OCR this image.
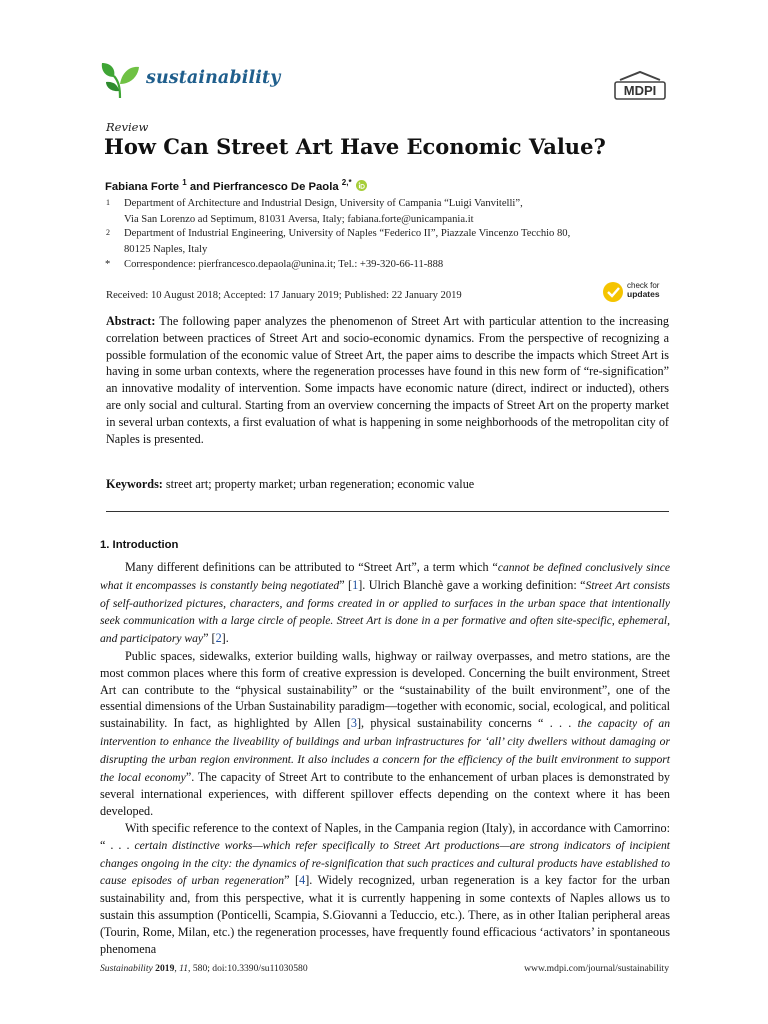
sustainability
MDPI
Review
How Can Street Art Have Economic Value?
Fabiana Forte $^1$ and Pierfrancesco De Paola $^{2,*}$
1 Department of Architecture and Industrial Design, University of Campania “Luigi Vanvitelli”,
Via San Lorenzo ad Septimum, 81031 Aversa, Italy; fabiana.forte@unicampania.it
2 Department of Industrial Engineering, University of Naples “Federico II”, Piazzale Vincenzo Tecchio 80,
80125 Naples, Italy
* Correspondence: pierfrancesco.depaola@unina.it; Tel.: +39-320-66-11-888
Received: 10 August 2018; Accepted: 17 January 2019; Published: 22 January 2019
check for
updates
Abstract: The following paper analyzes the phenomenon of Street Art with particular attention to the increasing correlation between practices of Street Art and socio-economic dynamics. From the perspective of recognizing a possible formulation of the economic value of Street Art, the paper aims to describe the impacts which Street Art is having in some urban contexts, where the regeneration processes have found in this new form of “re-signification” an innovative modality of intervention. Some impacts have economic nature (direct, indirect or inducted), others are only social and cultural. Starting from an overview concerning the impacts of Street Art on the property market in several urban contexts, a first evaluation of what is happening in some neighborhoods of the metropolitan city of Naples is presented.
Keywords: street art; property market; urban regeneration; economic value
1. Introduction

Many different definitions can be attributed to “Street Art”, a term which “cannot be defined conclusively since what it encompasses is constantly being negotiated” [1]. Ulrich Blanchè gave a working definition: “Street Art consists of self-authorized pictures, characters, and forms created in or applied to surfaces in the urban space that intentionally seek communication with a large circle of people. Street Art is done in a per formative and often site-specific, ephemeral, and participatory way” [2].

Public spaces, sidewalks, exterior building walls, highway or railway overpasses, and metro stations, are the most common places where this form of creative expression is developed. Concerning the built environment, Street Art can contribute to the “physical sustainability” or the “sustainability of the built environment”, one of the essential dimensions of the Urban Sustainability paradigm—together with economic, social, ecological, and political sustainability. In fact, as highlighted by Allen [3], physical sustainability concerns “ . . . the capacity of an intervention to enhance the liveability of buildings and urban infrastructures for ‘all’ city dwellers without damaging or disrupting the urban region environment. It also includes a concern for the efficiency of the built environment to support the local economy”. The capacity of Street Art to contribute to the enhancement of urban places is demonstrated by several international experiences, with different spillover effects depending on the context where it has been developed.

With specific reference to the context of Naples, in the Campania region (Italy), in accordance with Camorrino: “ . . . certain distinctive works—which refer specifically to Street Art productions—are strong indicators of incipient changes ongoing in the city: the dynamics of re-signification that such practices and cultural products have established to cause episodes of urban regeneration” [4]. Widely recognized, urban regeneration is a key factor for the urban sustainability and, from this perspective, what it is currently happening in some contexts of Naples allows us to sustain this assumption (Ponticelli, Scampia, S.Giovanni a Teduccio, etc.). There, as in other Italian peripheral areas (Tourin, Rome, Milan, etc.) the regeneration processes, have frequently found efficacious ‘activators’ in spontaneous phenomena

Sustainability 2019, 11, 580; doi:10.3390/su11030580	www.mdpi.com/journal/sustainability
